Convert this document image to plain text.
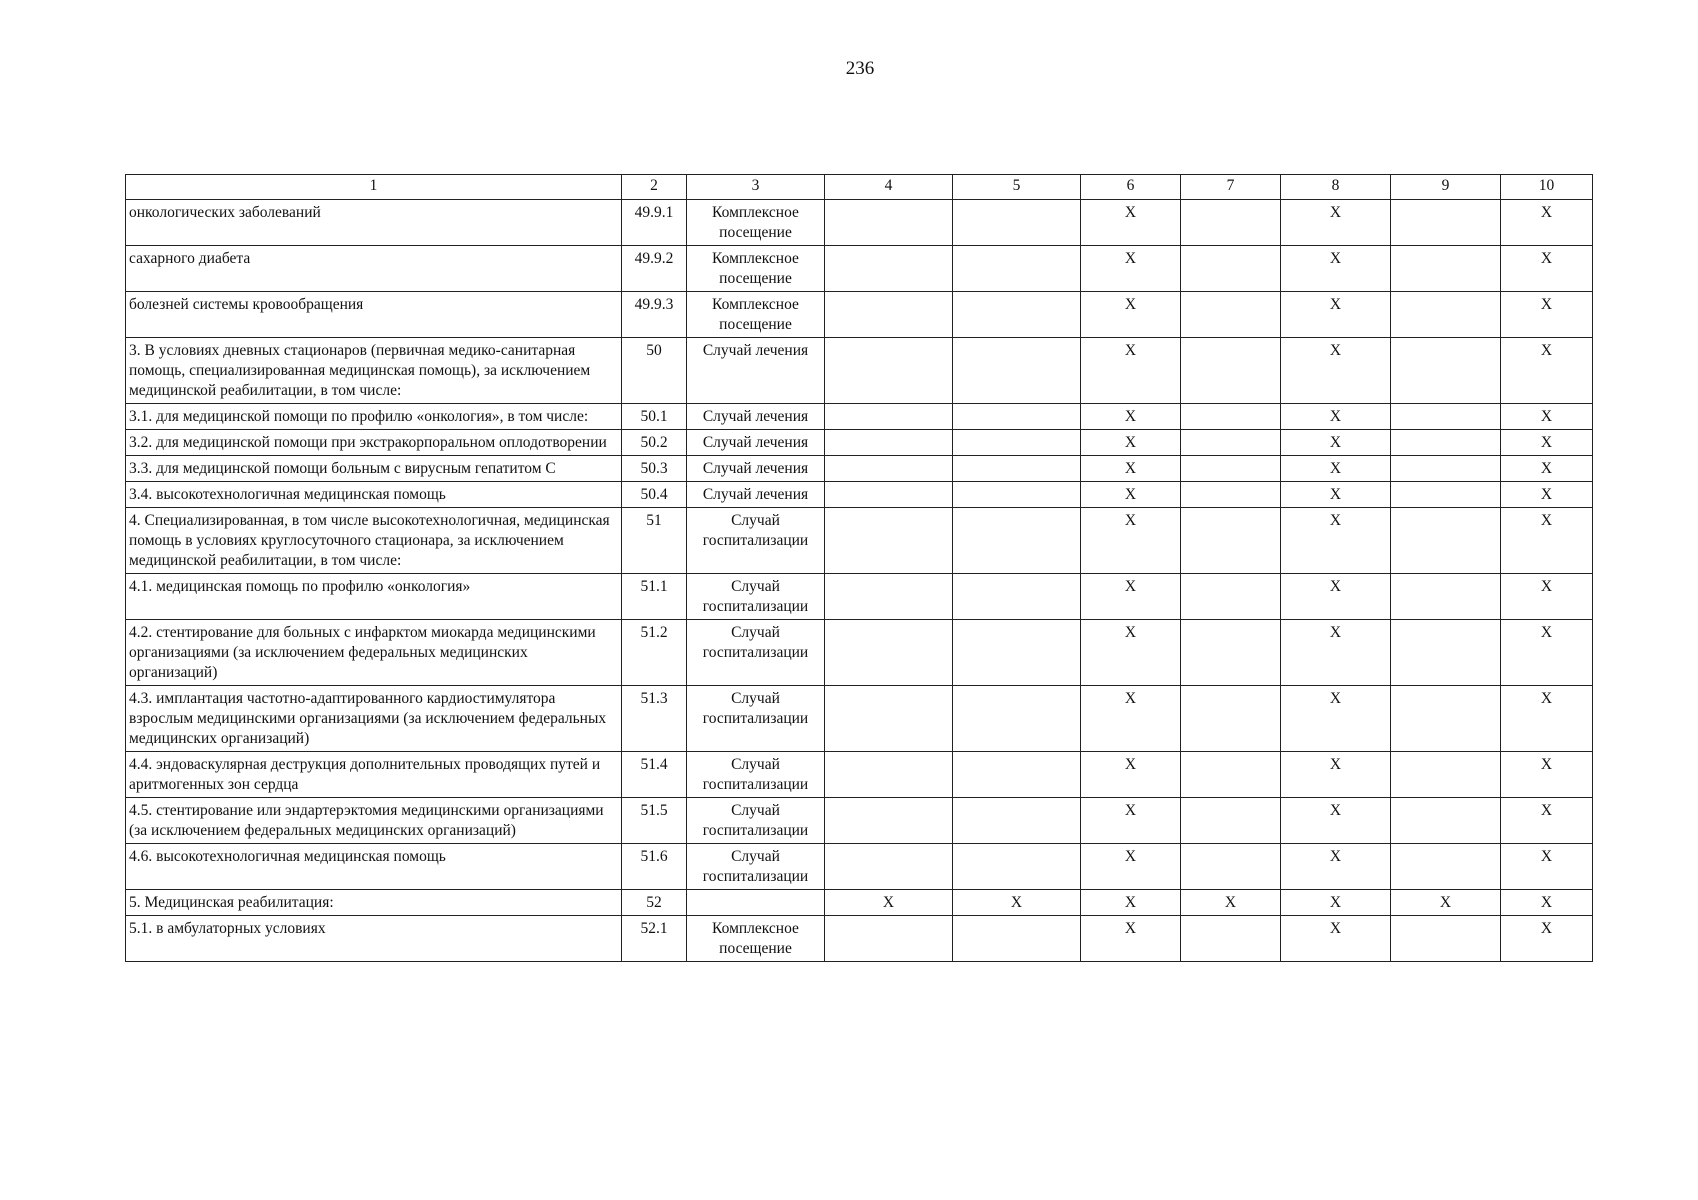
236
1	2	3	4	5	6	7	8	9	10
онкологических заболеваний	49.9.1	Комплексное посещение			X		X		X
сахарного диабета	49.9.2	Комплексное посещение			X		X		X
болезней системы кровообращения	49.9.3	Комплексное посещение			X		X		X
3. В условиях дневных стационаров (первичная медико-санитарная помощь, специализированная медицинская помощь), за исключением медицинской реабилитации, в том числе:	50	Случай лечения			X		X		X
3.1. для медицинской помощи по профилю «онкология», в том числе:	50.1	Случай лечения			X		X		X
3.2. для медицинской помощи при экстракорпоральном оплодотворении	50.2	Случай лечения			X		X		X
3.3. для медицинской помощи больным с вирусным гепатитом С	50.3	Случай лечения			X		X		X
3.4. высокотехнологичная медицинская помощь	50.4	Случай лечения			X		X		X
4. Специализированная, в том числе высокотехнологичная, медицинская помощь в условиях круглосуточного стационара, за исключением медицинской реабилитации, в том числе:	51	Случай госпитализации			X		X		X
4.1. медицинская помощь по профилю «онкология»	51.1	Случай госпитализации			X		X		X
4.2. стентирование для больных с инфарктом миокарда медицинскими организациями (за исключением федеральных медицинских организаций)	51.2	Случай госпитализации			X		X		X
4.3. имплантация частотно-адаптированного кардиостимулятора взрослым медицинскими организациями (за исключением федеральных медицинских организаций)	51.3	Случай госпитализации			X		X		X
4.4. эндоваскулярная деструкция дополнительных проводящих путей и аритмогенных зон сердца	51.4	Случай госпитализации			X		X		X
4.5. стентирование или эндартерэктомия медицинскими организациями (за исключением федеральных медицинских организаций)	51.5	Случай госпитализации			X		X		X
4.6. высокотехнологичная медицинская помощь	51.6	Случай госпитализации			X		X		X
5. Медицинская реабилитация:	52		X	X	X	X	X	X	X
5.1. в амбулаторных условиях	52.1	Комплексное посещение			X		X		X
